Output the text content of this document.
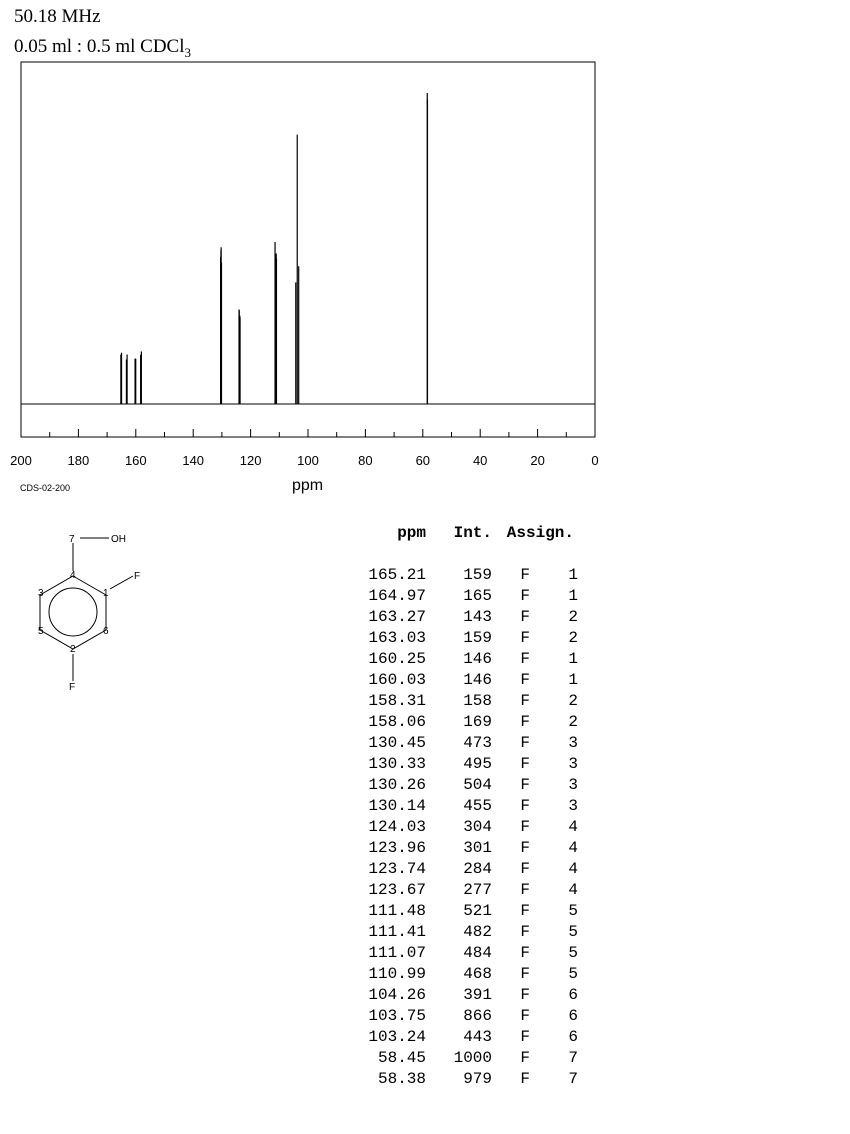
50.18 MHz
0.05 ml : 0.5 ml CDCl$_3$
200	180	160	140	120	100	80	60	40	20	0
CDS-02-200	ppm
7	OH
4	F
3	1
5	6
2
F
ppm	Int.	Assign.	

165.21	159	F	1
164.97	165	F	1
163.27	143	F	2
163.03	159	F	2
160.25	146	F	1
160.03	146	F	1
158.31	158	F	2
158.06	169	F	2
130.45	473	F	3
130.33	495	F	3
130.26	504	F	3
130.14	455	F	3
124.03	304	F	4
123.96	301	F	4
123.74	284	F	4
123.67	277	F	4
111.48	521	F	5
111.41	482	F	5
111.07	484	F	5
110.99	468	F	5
104.26	391	F	6
103.75	866	F	6
103.24	443	F	6
58.45	1000	F	7
58.38	979	F	7
